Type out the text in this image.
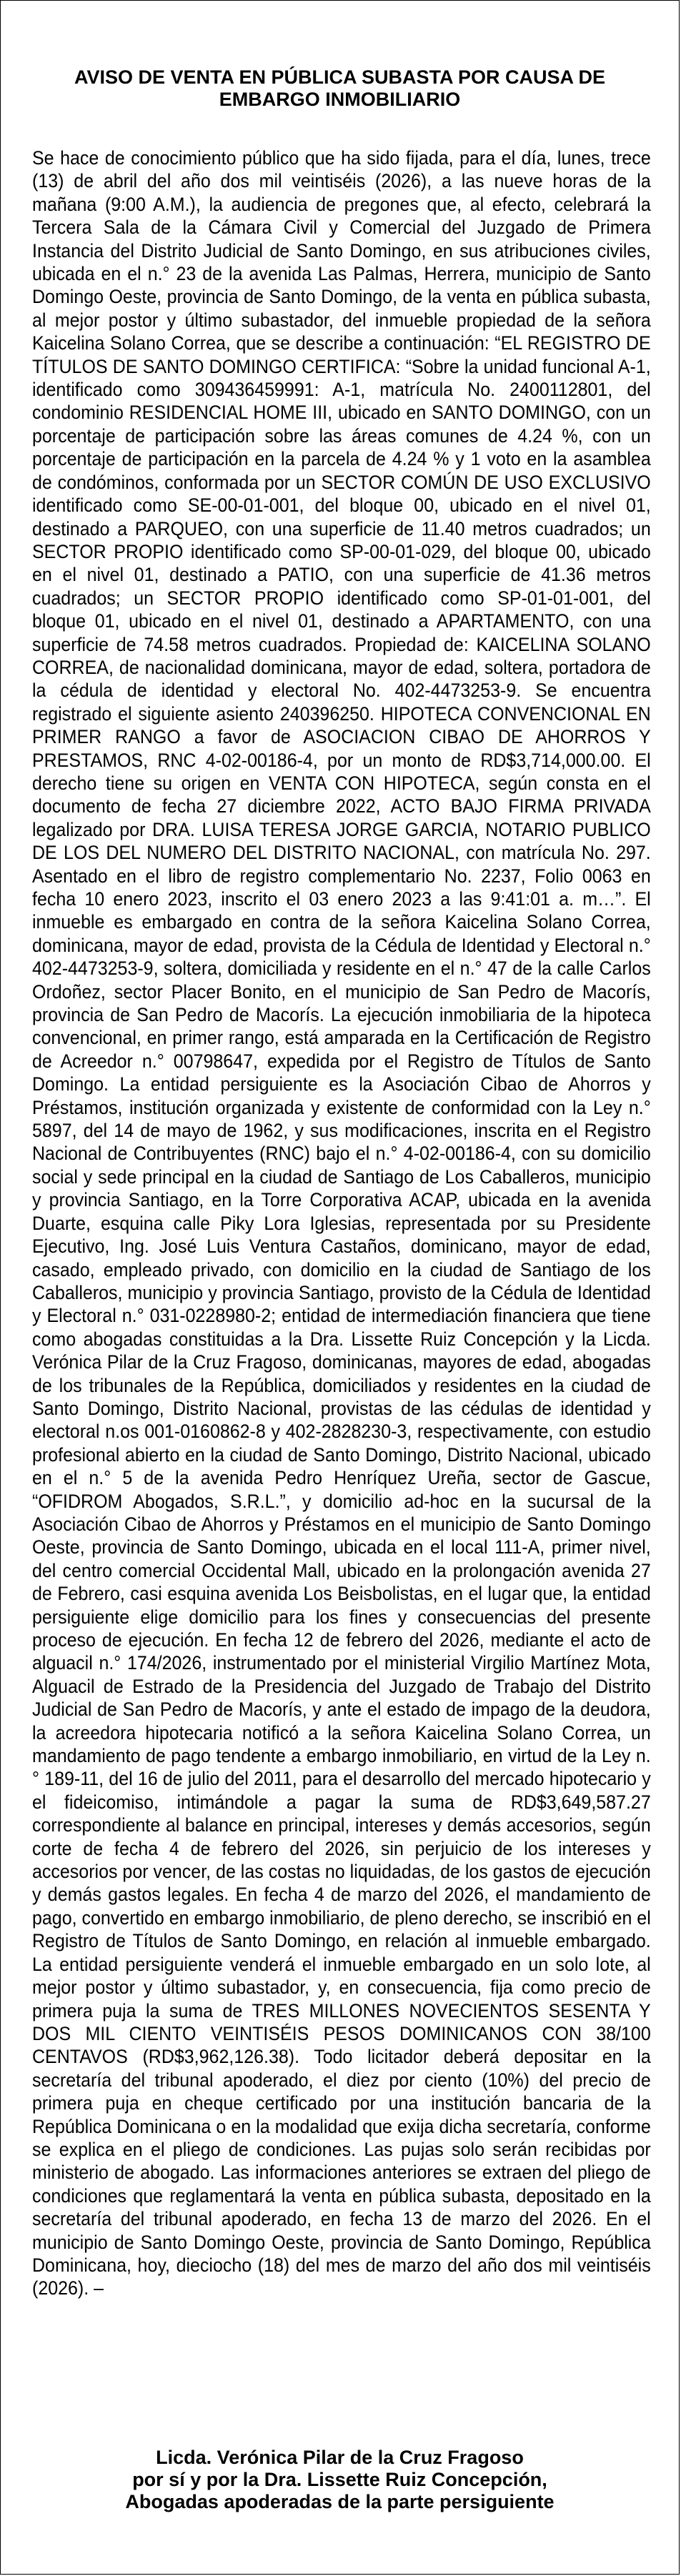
AVISO DE VENTA EN PÚBLICA SUBASTA POR CAUSA DE
EMBARGO INMOBILIARIO
Se hace de conocimiento público que ha sido fijada, para el día, lunes, trece (13) de abril del año dos mil veintiséis (2026), a las nueve horas de la mañana (9:00 A.M.), la audiencia de pregones que, al efecto, celebrará la Tercera Sala de la Cámara Civil y Comercial del Juzgado de Primera Instancia del Distrito Judicial de Santo Domingo, en sus atribuciones civiles, ubicada en el n.° 23 de la avenida Las Palmas, Herrera, municipio de Santo Domingo Oeste, provincia de Santo Domingo, de la venta en pública subasta, al mejor postor y último subastador, del inmueble propiedad de la señora Kaicelina Solano Correa, que se describe a continuación: “EL REGISTRO DE TÍTULOS DE SANTO DOMINGO CERTIFICA: “Sobre la unidad funcional A-1, identificado como 309436459991: A-1, matrícula No. 2400112801, del condominio RESIDENCIAL HOME III, ubicado en SANTO DOMINGO, con un porcentaje de participación sobre las áreas comunes de 4.24 %, con un porcentaje de participación en la parcela de 4.24 % y 1 voto en la asamblea de condóminos, conformada por un SECTOR COMÚN DE USO EXCLUSIVO identificado como SE-00-01-001, del bloque 00, ubicado en el nivel 01, destinado a PARQUEO, con una superficie de 11.40 metros cuadrados; un SECTOR PROPIO identificado como SP-00-01-029, del bloque 00, ubicado en el nivel 01, destinado a PATIO, con una superficie de 41.36 metros cuadrados; un SECTOR PROPIO identificado como SP-01-01-001, del bloque 01, ubicado en el nivel 01, destinado a APARTAMENTO, con una superficie de 74.58 metros cuadrados. Propiedad de: KAICELINA SOLANO CORREA, de nacionalidad dominicana, mayor de edad, soltera, portadora de la cédula de identidad y electoral No. 402-4473253-9. Se encuentra registrado el siguiente asiento 240396250. HIPOTECA CONVENCIONAL EN PRIMER RANGO a favor de ASOCIACION CIBAO DE AHORROS Y PRESTAMOS, RNC 4-02-00186-4, por un monto de RD$3,714,000.00. El derecho tiene su origen en VENTA CON HIPOTECA, según consta en el documento de fecha 27 diciembre 2022, ACTO BAJO FIRMA PRIVADA legalizado por DRA. LUISA TERESA JORGE GARCIA, NOTARIO PUBLICO DE LOS DEL NUMERO DEL DISTRITO NACIONAL, con matrícula No. 297. Asentado en el libro de registro complementario No. 2237, Folio 0063 en fecha 10 enero 2023, inscrito el 03 enero 2023 a las 9:41:01 a. m…”. El inmueble es embargado en contra de la señora Kaicelina Solano Correa, dominicana, mayor de edad, provista de la Cédula de Identidad y Electoral n.° 402-4473253-9, soltera, domiciliada y residente en el n.° 47 de la calle Carlos Ordoñez, sector Placer Bonito, en el municipio de San Pedro de Macorís, provincia de San Pedro de Macorís. La ejecución inmobiliaria de la hipoteca convencional, en primer rango, está amparada en la Certificación de Registro de Acreedor n.° 00798647, expedida por el Registro de Títulos de Santo Domingo. La entidad persiguiente es la Asociación Cibao de Ahorros y Préstamos, institución organizada y existente de conformidad con la Ley n.° 5897, del 14 de mayo de 1962, y sus modificaciones, inscrita en el Registro Nacional de Contribuyentes (RNC) bajo el n.° 4-02-00186-4, con su domicilio social y sede principal en la ciudad de Santiago de Los Caballeros, municipio y provincia Santiago, en la Torre Corporativa ACAP, ubicada en la avenida Duarte, esquina calle Piky Lora Iglesias, representada por su Presidente Ejecutivo, Ing. José Luis Ventura Castaños, dominicano, mayor de edad, casado, empleado privado, con domicilio en la ciudad de Santiago de los Caballeros, municipio y provincia Santiago, provisto de la Cédula de Identidad y Electoral n.° 031-0228980-2; entidad de intermediación financiera que tiene como abogadas constituidas a la Dra. Lissette Ruiz Concepción y la Licda. Verónica Pilar de la Cruz Fragoso, dominicanas, mayores de edad, abogadas de los tribunales de la República, domiciliados y residentes en la ciudad de Santo Domingo, Distrito Nacional, provistas de las cédulas de identidad y electoral n.os 001-0160862-8 y 402-2828230-3, respectivamente, con estudio profesional abierto en la ciudad de Santo Domingo, Distrito Nacional, ubicado en el n.° 5 de la avenida Pedro Henríquez Ureña, sector de Gascue, “OFIDROM Abogados, S.R.L.”, y domicilio ad-hoc en la sucursal de la Asociación Cibao de Ahorros y Préstamos en el municipio de Santo Domingo Oeste, provincia de Santo Domingo, ubicada en el local 111-A, primer nivel, del centro comercial Occidental Mall, ubicado en la prolongación avenida 27 de Febrero, casi esquina avenida Los Beisbolistas, en el lugar que, la entidad persiguiente elige domicilio para los fines y consecuencias del presente proceso de ejecución. En fecha 12 de febrero del 2026, mediante el acto de alguacil n.° 174/2026, instrumentado por el ministerial Virgilio Martínez Mota, Alguacil de Estrado de la Presidencia del Juzgado de Trabajo del Distrito Judicial de San Pedro de Macorís, y ante el estado de impago de la deudora, la acreedora hipotecaria notificó a la señora Kaicelina Solano Correa, un mandamiento de pago tendente a embargo inmobiliario, en virtud de la Ley n.° 189-11, del 16 de julio del 2011, para el desarrollo del mercado hipotecario y el fideicomiso, intimándole a pagar la suma de RD$3,649,587.27 correspondiente al balance en principal, intereses y demás accesorios, según corte de fecha 4 de febrero del 2026, sin perjuicio de los intereses y accesorios por vencer, de las costas no liquidadas, de los gastos de ejecución y demás gastos legales. En fecha 4 de marzo del 2026, el mandamiento de pago, convertido en embargo inmobiliario, de pleno derecho, se inscribió en el Registro de Títulos de Santo Domingo, en relación al inmueble embargado. La entidad persiguiente venderá el inmueble embargado en un solo lote, al mejor postor y último subastador, y, en consecuencia, fija como precio de primera puja la suma de TRES MILLONES NOVECIENTOS SESENTA Y DOS MIL CIENTO VEINTISÉIS PESOS DOMINICANOS CON 38/100 CENTAVOS (RD$3,962,126.38). Todo licitador deberá depositar en la secretaría del tribunal apoderado, el diez por ciento (10%) del precio de primera puja en cheque certificado por una institución bancaria de la República Dominicana o en la modalidad que exija dicha secretaría, conforme se explica en el pliego de condiciones. Las pujas solo serán recibidas por ministerio de abogado. Las informaciones anteriores se extraen del pliego de condiciones que reglamentará la venta en pública subasta, depositado en la secretaría del tribunal apoderado, en fecha 13 de marzo del 2026. En el municipio de Santo Domingo Oeste, provincia de Santo Domingo, República Dominicana, hoy, dieciocho (18) del mes de marzo del año dos mil veintiséis (2026). –
Licda. Verónica Pilar de la Cruz Fragoso
por sí y por la Dra. Lissette Ruiz Concepción,
Abogadas apoderadas de la parte persiguiente
